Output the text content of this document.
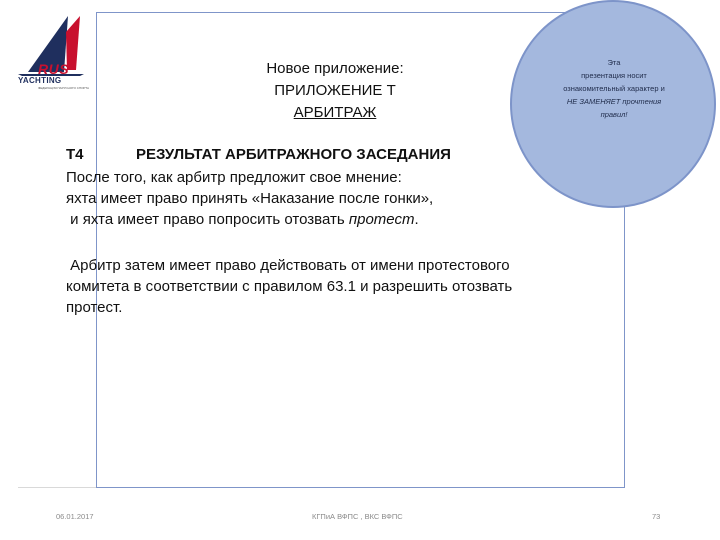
RUS
YACHTING
ФЕДЕРАЦИЯ ПАРУСНОГО СПОРТА
Новое приложение:
ПРИЛОЖЕНИЕ Т
АРБИТРАЖ
Эта
презентация носит
ознакомительный характер и
НЕ ЗАМЕНЯЕТ прочтения
правил!
T4	РЕЗУЛЬТАТ АРБИТРАЖНОГО ЗАСЕДАНИЯ
После того, как арбитр предложит свое мнение:
яхта имеет право принять «Наказание после гонки»,
и яхта имеет право попросить отозвать протест.
Арбитр затем имеет право действовать от имени протестового
комитета в соответствии с правилом 63.1 и разрешить отозвать
протест.
06.01.2017	КГПиА ВФПС , ВКС ВФПС	73
